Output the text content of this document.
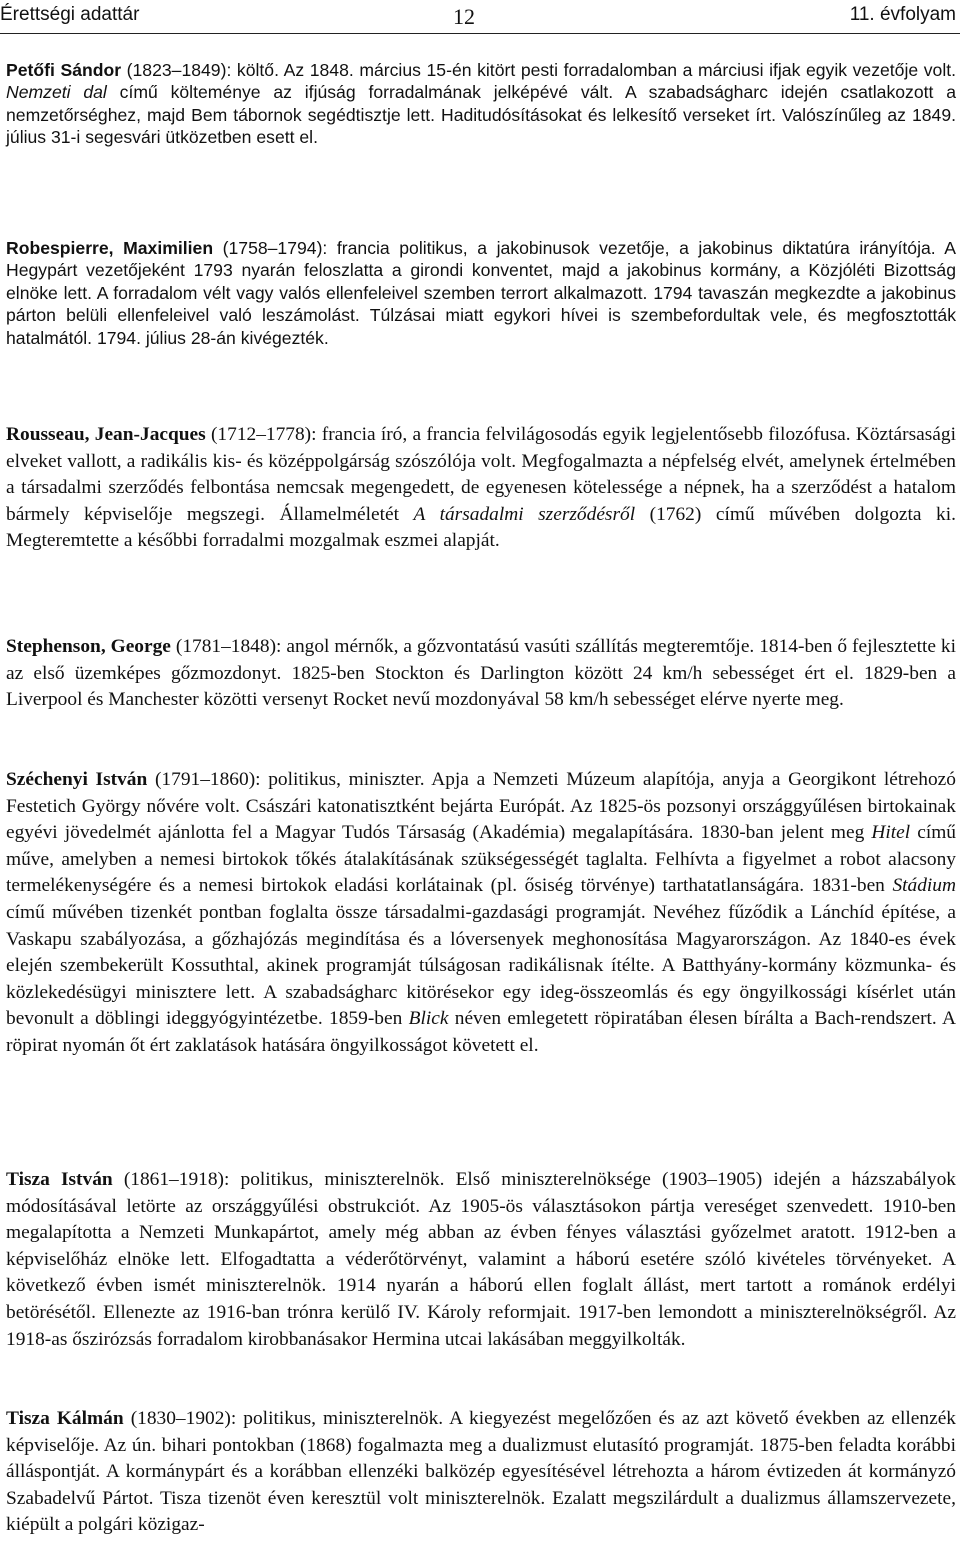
Érettségi adattár	12	11. évfolyam
Petőfi Sándor (1823–1849): költő. Az 1848. március 15-én kitört pesti forradalomban a márciusi ifjak egyik vezetője volt. Nemzeti dal című költeménye az ifjúság forradalmának jelképévé vált. A szabadságharc idején csatlakozott a nemzetőrséghez, majd Bem tábornok segédtisztje lett. Haditudósításokat és lelkesítő verseket írt. Valószínűleg az 1849. július 31-i segesvári ütközetben esett el.
Robespierre, Maximilien (1758–1794): francia politikus, a jakobinusok vezetője, a jakobinus diktatúra irányítója. A Hegypárt vezetőjeként 1793 nyarán feloszlatta a girondi konventet, majd a jakobinus kormány, a Közjóléti Bizottság elnöke lett. A forradalom vélt vagy valós ellenfeleivel szemben terrort alkalmazott. 1794 tavaszán megkezdte a jakobinus párton belüli ellenfeleivel való leszámolást. Túlzásai miatt egykori hívei is szembefordultak vele, és megfosztották hatalmától. 1794. július 28-án kivégezték.
Rousseau, Jean-Jacques (1712–1778): francia író, a francia felvilágosodás egyik legjelentősebb filozófusa. Köztársasági elveket vallott, a radikális kis- és középpolgárság szószólója volt. Megfogalmazta a népfelség elvét, amelynek értelmében a társadalmi szerződés felbontása nemcsak megengedett, de egyenesen kötelessége a népnek, ha a szerződést a hatalom bármely képviselője megszegi. Államelméletét A társadalmi szerződésről (1762) című művében dolgozta ki. Megteremtette a későbbi forradalmi mozgalmak eszmei alapját.
Stephenson, George (1781–1848): angol mérnők, a gőzvontatású vasúti szállítás megteremtője. 1814-ben ő fejlesztette ki az első üzemképes gőzmozdonyt. 1825-ben Stockton és Darlington között 24 km/h sebességet ért el. 1829-ben a Liverpool és Manchester közötti versenyt Rocket nevű mozdonyával 58 km/h sebességet elérve nyerte meg.
Széchenyi István (1791–1860): politikus, miniszter. Apja a Nemzeti Múzeum alapítója, anyja a Georgikont létrehozó Festetich György nővére volt. Császári katonatisztként bejárta Európát. Az 1825-ös pozsonyi országgyűlésen birtokainak egyévi jövedelmét ajánlotta fel a Magyar Tudós Társaság (Akadémia) megalapítására. 1830-ban jelent meg Hitel című műve, amelyben a nemesi birtokok tőkés átalakításának szükségességét taglalta. Felhívta a figyelmet a robot alacsony termelékenységére és a nemesi birtokok eladási korlátainak (pl. ősiség törvénye) tarthatatlanságára. 1831-ben Stádium című művében tizenkét pontban foglalta össze társadalmi-gazdasági programját. Nevéhez fűződik a Lánchíd építése, a Vaskapu szabályozása, a gőzhajózás megindítása és a lóversenyek meghonosítása Magyarországon. Az 1840-es évek elején szembekerült Kossuthtal, akinek programját túlságosan radikálisnak ítélte. A Batthyány-kormány közmunka- és közlekedésügyi minisztere lett. A szabadságharc kitörésekor egy ideg-összeomlás és egy öngyilkossági kísérlet után bevonult a döblingi ideggyógyintézetbe. 1859-ben Blick néven emlegetett röpiratában élesen bírálta a Bach-rendszert. A röpirat nyomán őt ért zaklatások hatására öngyilkosságot követett el.
Tisza István (1861–1918): politikus, miniszterelnök. Első miniszterelnöksége (1903–1905) idején a házszabályok módosításával letörte az országgyűlési obstrukciót. Az 1905-ös választásokon pártja vereséget szenvedett. 1910-ben megalapította a Nemzeti Munkapártot, amely még abban az évben fényes választási győzelmet aratott. 1912-ben a képviselőház elnöke lett. Elfogadtatta a véderőtörvényt, valamint a háború esetére szóló kivételes törvényeket. A következő évben ismét miniszterelnök. 1914 nyarán a háború ellen foglalt állást, mert tartott a románok erdélyi betörésétől. Ellenezte az 1916-ban trónra kerülő IV. Károly reformjait. 1917-ben lemondott a miniszterelnökségről. Az 1918-as őszirózsás forradalom kirobbanásakor Hermina utcai lakásában meggyilkolták.
Tisza Kálmán (1830–1902): politikus, miniszterelnök. A kiegyezést megelőzően és az azt követő években az ellenzék képviselője. Az ún. bihari pontokban (1868) fogalmazta meg a dualizmust elutasító programját. 1875-ben feladta korábbi álláspontját. A kormánypárt és a korábban ellenzéki balközép egyesítésével létrehozta a három évtizeden át kormányzó Szabadelvű Pártot. Tisza tizenöt éven keresztül volt miniszterelnök. Ezalatt megszilárdult a dualizmus államszervezete, kiépült a polgári közigaz-
